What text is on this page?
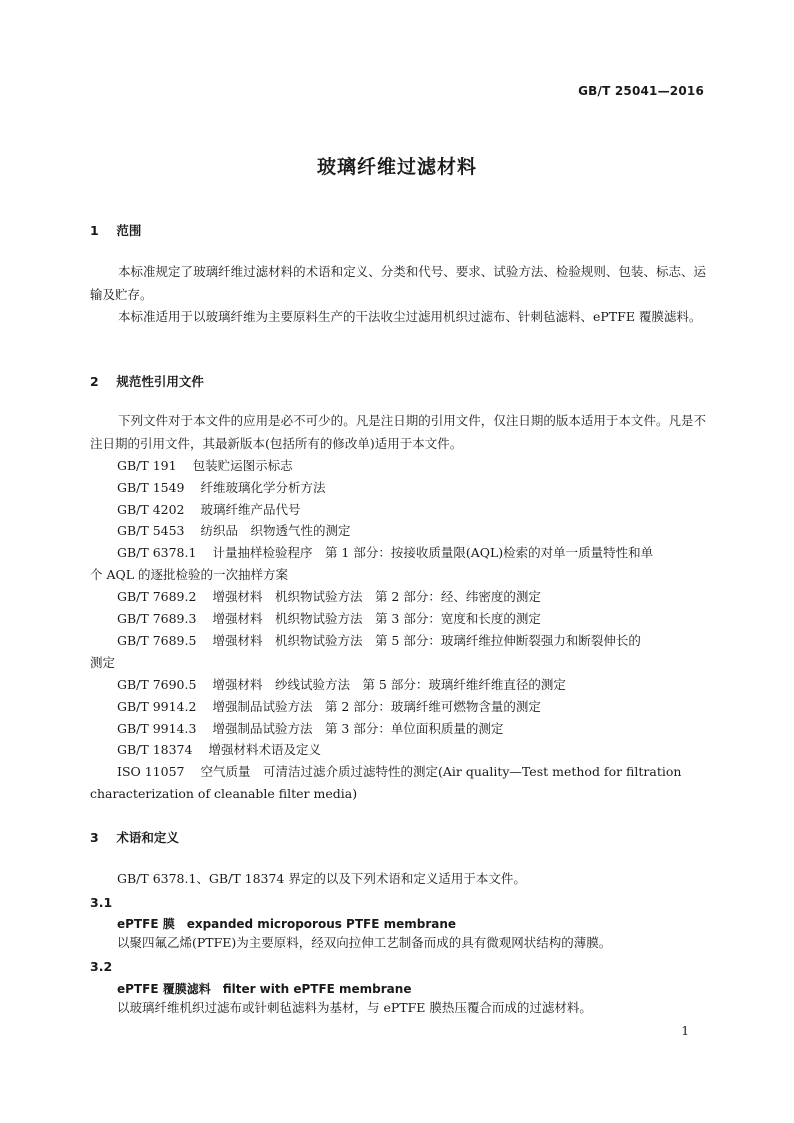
GB/T 25041—2016
玻璃纤维过滤材料
1 范围
本标准规定了玻璃纤维过滤材料的术语和定义、分类和代号、要求、试验方法、检验规则、包装、标志、运输及贮存。
本标准适用于以玻璃纤维为主要原料生产的干法收尘过滤用机织过滤布、针刺毡滤料、ePTFE 覆膜滤料。
2 规范性引用文件
下列文件对于本文件的应用是必不可少的。凡是注日期的引用文件，仅注日期的版本适用于本文件。凡是不注日期的引用文件，其最新版本(包括所有的修改单)适用于本文件。
GB/T 191 包装贮运图示标志
GB/T 1549 纤维玻璃化学分析方法
GB/T 4202 玻璃纤维产品代号
GB/T 5453 纺织品　织物透气性的测定
GB/T 6378.1 计量抽样检验程序　第 1 部分：按接收质量限(AQL)检索的对单一质量特性和单
个 AQL 的逐批检验的一次抽样方案
GB/T 7689.2 增强材料　机织物试验方法　第 2 部分：经、纬密度的测定
GB/T 7689.3 增强材料　机织物试验方法　第 3 部分：宽度和长度的测定
GB/T 7689.5 增强材料　机织物试验方法　第 5 部分：玻璃纤维拉伸断裂强力和断裂伸长的
测定
GB/T 7690.5 增强材料　纱线试验方法　第 5 部分：玻璃纤维纤维直径的测定
GB/T 9914.2 增强制品试验方法　第 2 部分：玻璃纤维可燃物含量的测定
GB/T 9914.3 增强制品试验方法　第 3 部分：单位面积质量的测定
GB/T 18374 增强材料术语及定义
ISO 11057 空气质量　可清洁过滤介质过滤特性的测定(Air quality—Test method for filtration
characterization of cleanable filter media)
3 术语和定义
GB/T 6378.1、GB/T 18374 界定的以及下列术语和定义适用于本文件。
3.1
ePTFE 膜 expanded microporous PTFE membrane
以聚四氟乙烯(PTFE)为主要原料，经双向拉伸工艺制备而成的具有微观网状结构的薄膜。
3.2
ePTFE 覆膜滤料 filter with ePTFE membrane
以玻璃纤维机织过滤布或针刺毡滤料为基材，与 ePTFE 膜热压覆合而成的过滤材料。
1
